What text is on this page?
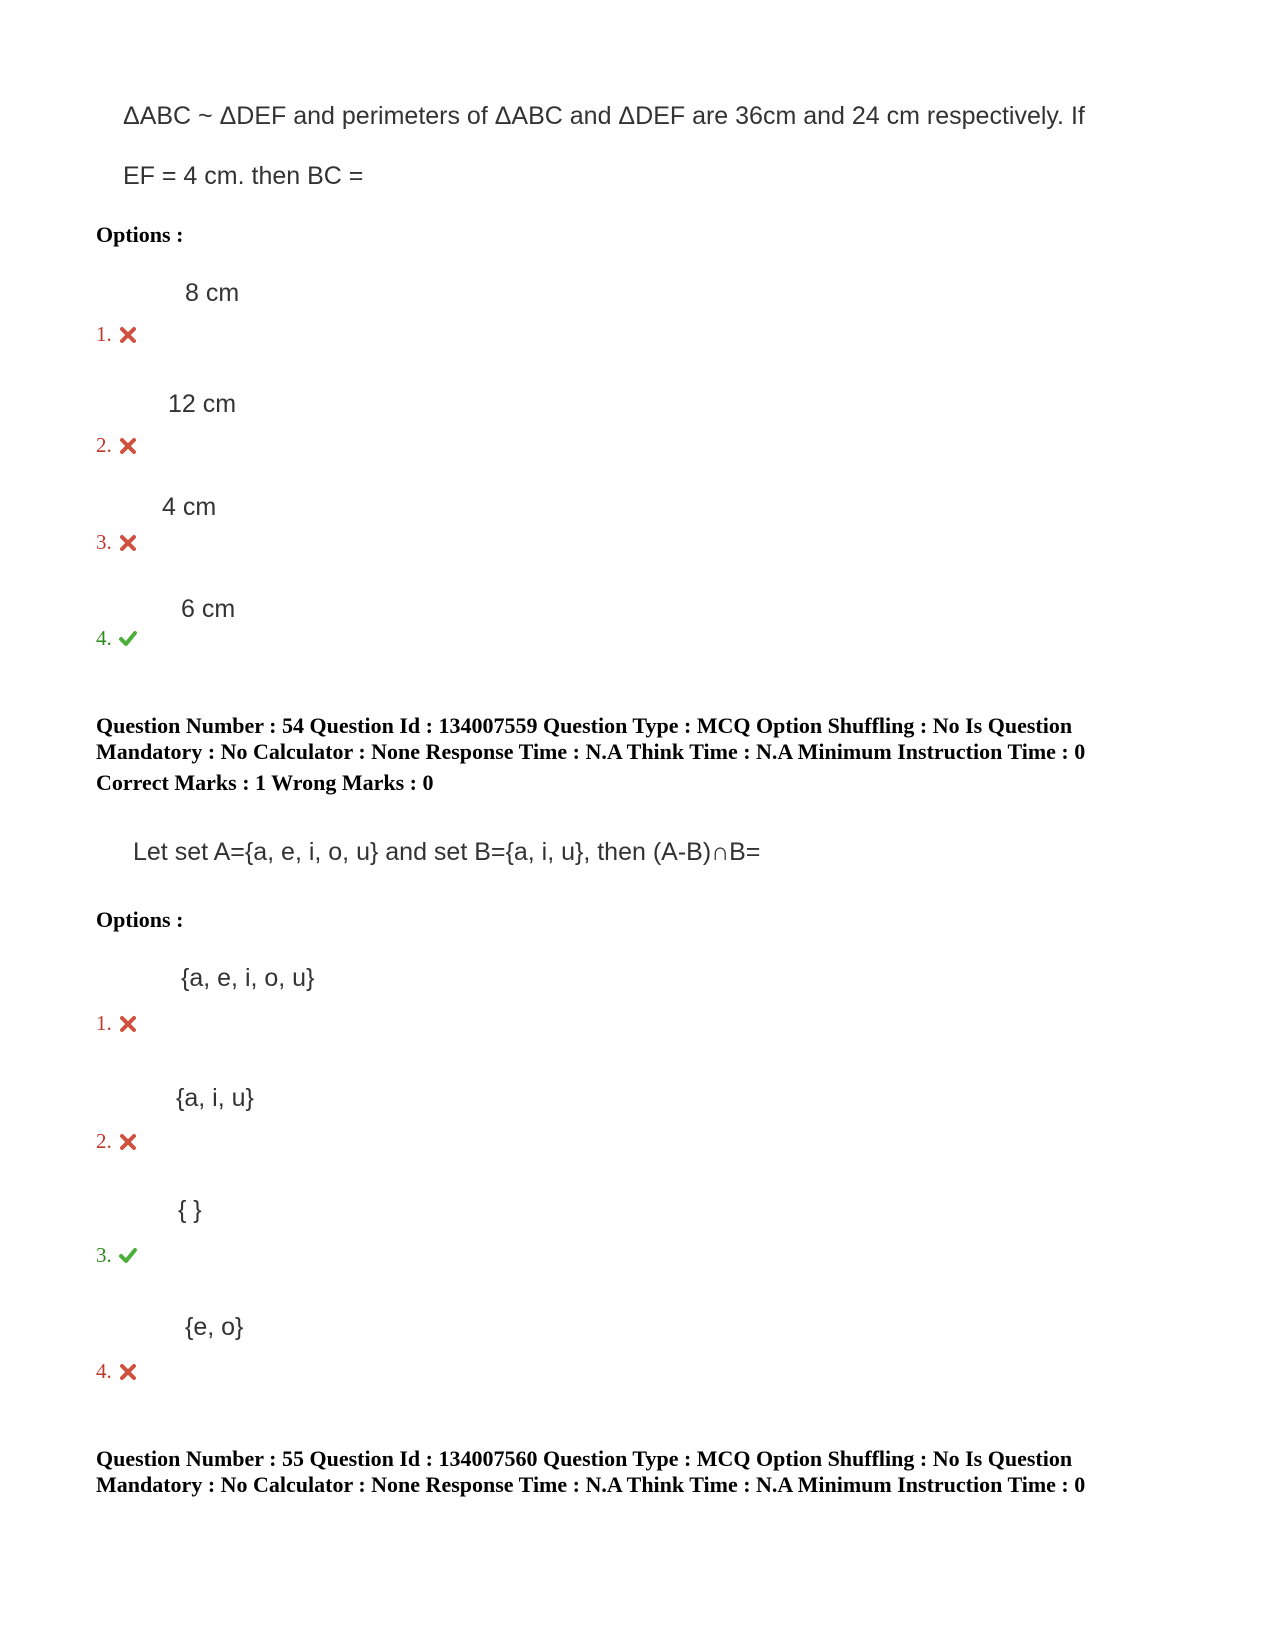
ΔABC ~ ΔDEF and perimeters of ΔABC and ΔDEF are 36cm and 24 cm respectively. If
EF = 4 cm. then BC =
Options :
8 cm
1.
12 cm
2.
4 cm
3.
6 cm
4.
Question Number : 54 Question Id : 134007559 Question Type : MCQ Option Shuffling : No Is Question
Mandatory : No Calculator : None Response Time : N.A Think Time : N.A Minimum Instruction Time : 0
Correct Marks : 1 Wrong Marks : 0
Let set A={a, e, i, o, u} and set B={a, i, u}, then (A-B)∩B=
Options :
{a, e, i, o, u}
1.
{a, i, u}
2.
{ }
3.
{e, o}
4.
Question Number : 55 Question Id : 134007560 Question Type : MCQ Option Shuffling : No Is Question
Mandatory : No Calculator : None Response Time : N.A Think Time : N.A Minimum Instruction Time : 0
